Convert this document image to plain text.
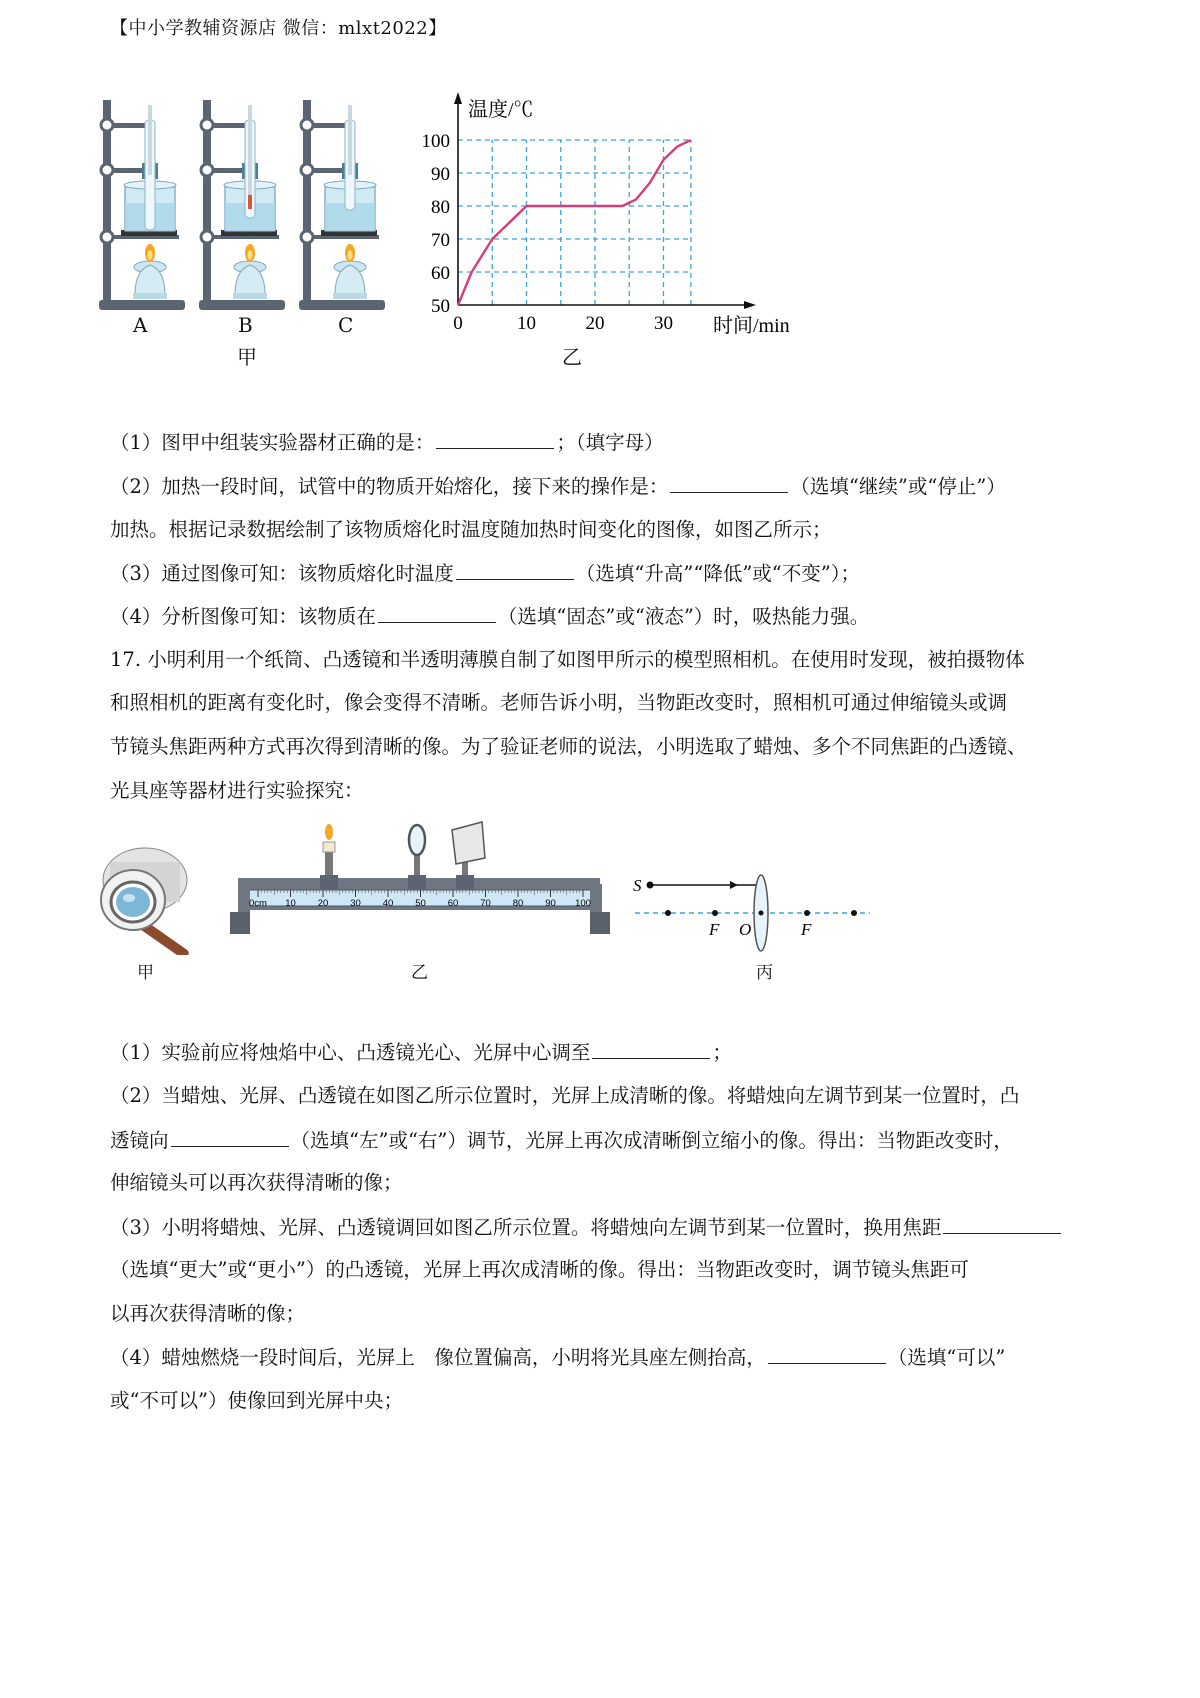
【中小学教辅资源店 微信：mlxt2022】
A	B	C
甲
50
60
70
80
90
100
0	10	20	30
温度/℃
时间/min
乙
（1）图甲中组装实验器材正确的是：	；（填字母）
（2）加热一段时间，试管中的物质开始熔化，接下来的操作是：	（选填“继续”或“停止”）
加热。根据记录数据绘制了该物质熔化时温度随加热时间变化的图像，如图乙所示；
（3）通过图像可知：该物质熔化时温度	（选填“升高”“降低”或“不变”）；
（4）分析图像可知：该物质在	（选填“固态”或“液态”）时，吸热能力强。
17. 小明利用一个纸筒、凸透镜和半透明薄膜自制了如图甲所示的模型照相机。在使用时发现，被拍摄物体
和照相机的距离有变化时，像会变得不清晰。老师告诉小明，当物距改变时，照相机可通过伸缩镜头或调
节镜头焦距两种方式再次得到清晰的像。为了验证老师的说法，小明选取了蜡烛、多个不同焦距的凸透镜、
光具座等器材进行实验探究：
甲
0cm 10 20 30 40 50 60 70 80 90 100
乙
S
F O	F
丙
（1）实验前应将烛焰中心、凸透镜光心、光屏中心调至	；
（2）当蜡烛、光屏、凸透镜在如图乙所示位置时，光屏上成清晰的像。将蜡烛向左调节到某一位置时，凸
透镜向	（选填“左”或“右”）调节，光屏上再次成清晰倒立缩小的像。得出：当物距改变时，
伸缩镜头可以再次获得清晰的像；
（3）小明将蜡烛、光屏、凸透镜调回如图乙所示位置。将蜡烛向左调节到某一位置时，换用焦距
（选填“更大”或“更小”）的凸透镜，光屏上再次成清晰的像。得出：当物距改变时，调节镜头焦距可
以再次获得清晰的像；
（4）蜡烛燃烧一段时间后，光屏上　像位置偏高，小明将光具座左侧抬高，	（选填“可以”
或“不可以”）使像回到光屏中央；
